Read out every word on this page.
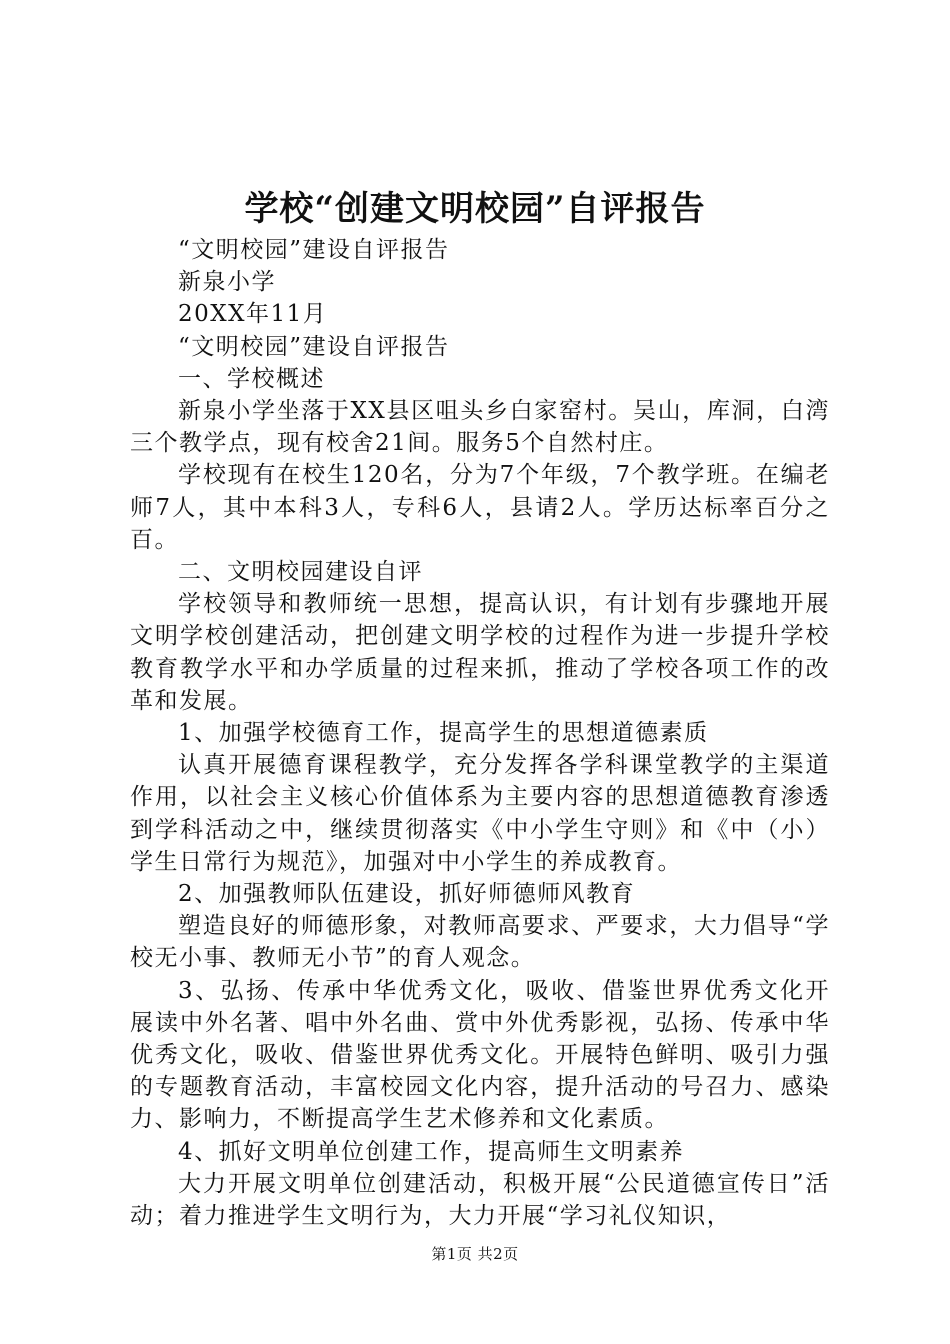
学校“创建文明校园”自评报告

“文明校园”建设自评报告

新泉小学

20XX年11月

“文明校园”建设自评报告

一、学校概述

新泉小学坐落于XX县区咀头乡白家窑村。吴山，库洞，白湾三个教学点，现有校舍21间。服务5个自然村庄。

学校现有在校生120名，分为7个年级，7个教学班。在编老师7人，其中本科3人，专科6人，县请2人。学历达标率百分之百。

二、文明校园建设自评

学校领导和教师统一思想，提高认识，有计划有步骤地开展文明学校创建活动，把创建文明学校的过程作为进一步提升学校教育教学水平和办学质量的过程来抓，推动了学校各项工作的改革和发展。

1、加强学校德育工作，提高学生的思想道德素质

认真开展德育课程教学，充分发挥各学科课堂教学的主渠道作用，以社会主义核心价值体系为主要内容的思想道德教育渗透到学科活动之中，继续贯彻落实《中小学生守则》和《中（小）学生日常行为规范》，加强对中小学生的养成教育。

2、加强教师队伍建设，抓好师德师风教育

塑造良好的师德形象，对教师高要求、严要求，大力倡导“学校无小事、教师无小节”的育人观念。

3、弘扬、传承中华优秀文化，吸收、借鉴世界优秀文化开展读中外名著、唱中外名曲、赏中外优秀影视，弘扬、传承中华优秀文化，吸收、借鉴世界优秀文化。开展特色鲜明、吸引力强的专题教育活动，丰富校园文化内容，提升活动的号召力、感染力、影响力，不断提高学生艺术修养和文化素质。

4、抓好文明单位创建工作，提高师生文明素养

大力开展文明单位创建活动，积极开展“公民道德宣传日”活动；着力推进学生文明行为，大力开展“学习礼仪知识，

第1页 共2页
